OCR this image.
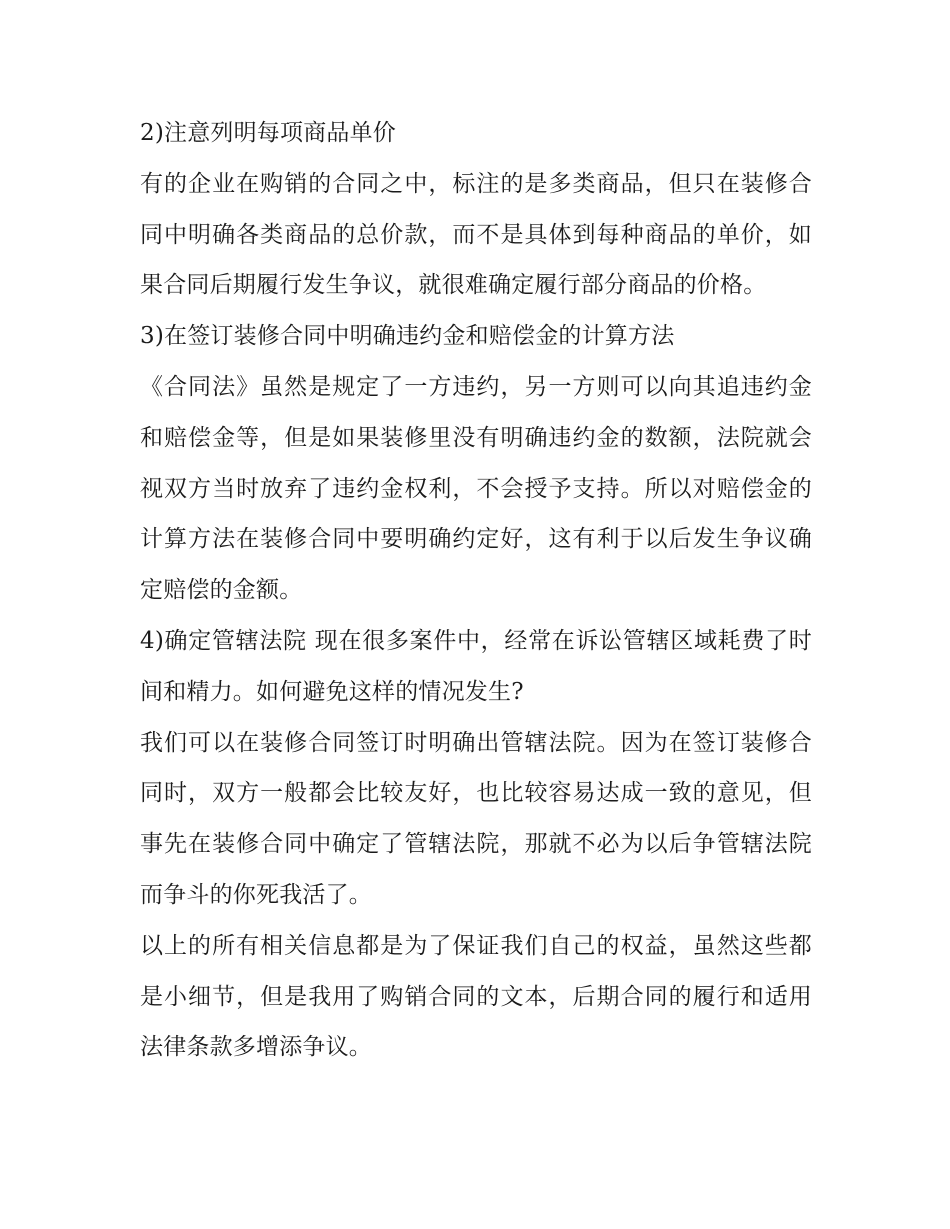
2)注意列明每项商品单价

有的企业在购销的合同之中，标注的是多类商品，但只在装修合同中明确各类商品的总价款，而不是具体到每种商品的单价，如果合同后期履行发生争议，就很难确定履行部分商品的价格。

3)在签订装修合同中明确违约金和赔偿金的计算方法

《合同法》虽然是规定了一方违约，另一方则可以向其追违约金和赔偿金等，但是如果装修里没有明确违约金的数额，法院就会视双方当时放弃了违约金权利，不会授予支持。所以对赔偿金的计算方法在装修合同中要明确约定好，这有利于以后发生争议确定赔偿的金额。

4)确定管辖法院 现在很多案件中，经常在诉讼管辖区域耗费了时间和精力。如何避免这样的情况发生?

我们可以在装修合同签订时明确出管辖法院。因为在签订装修合同时，双方一般都会比较友好，也比较容易达成一致的意见，但事先在装修合同中确定了管辖法院，那就不必为以后争管辖法院而争斗的你死我活了。

以上的所有相关信息都是为了保证我们自己的权益，虽然这些都是小细节，但是我用了购销合同的文本，后期合同的履行和适用法律条款多增添争议。
